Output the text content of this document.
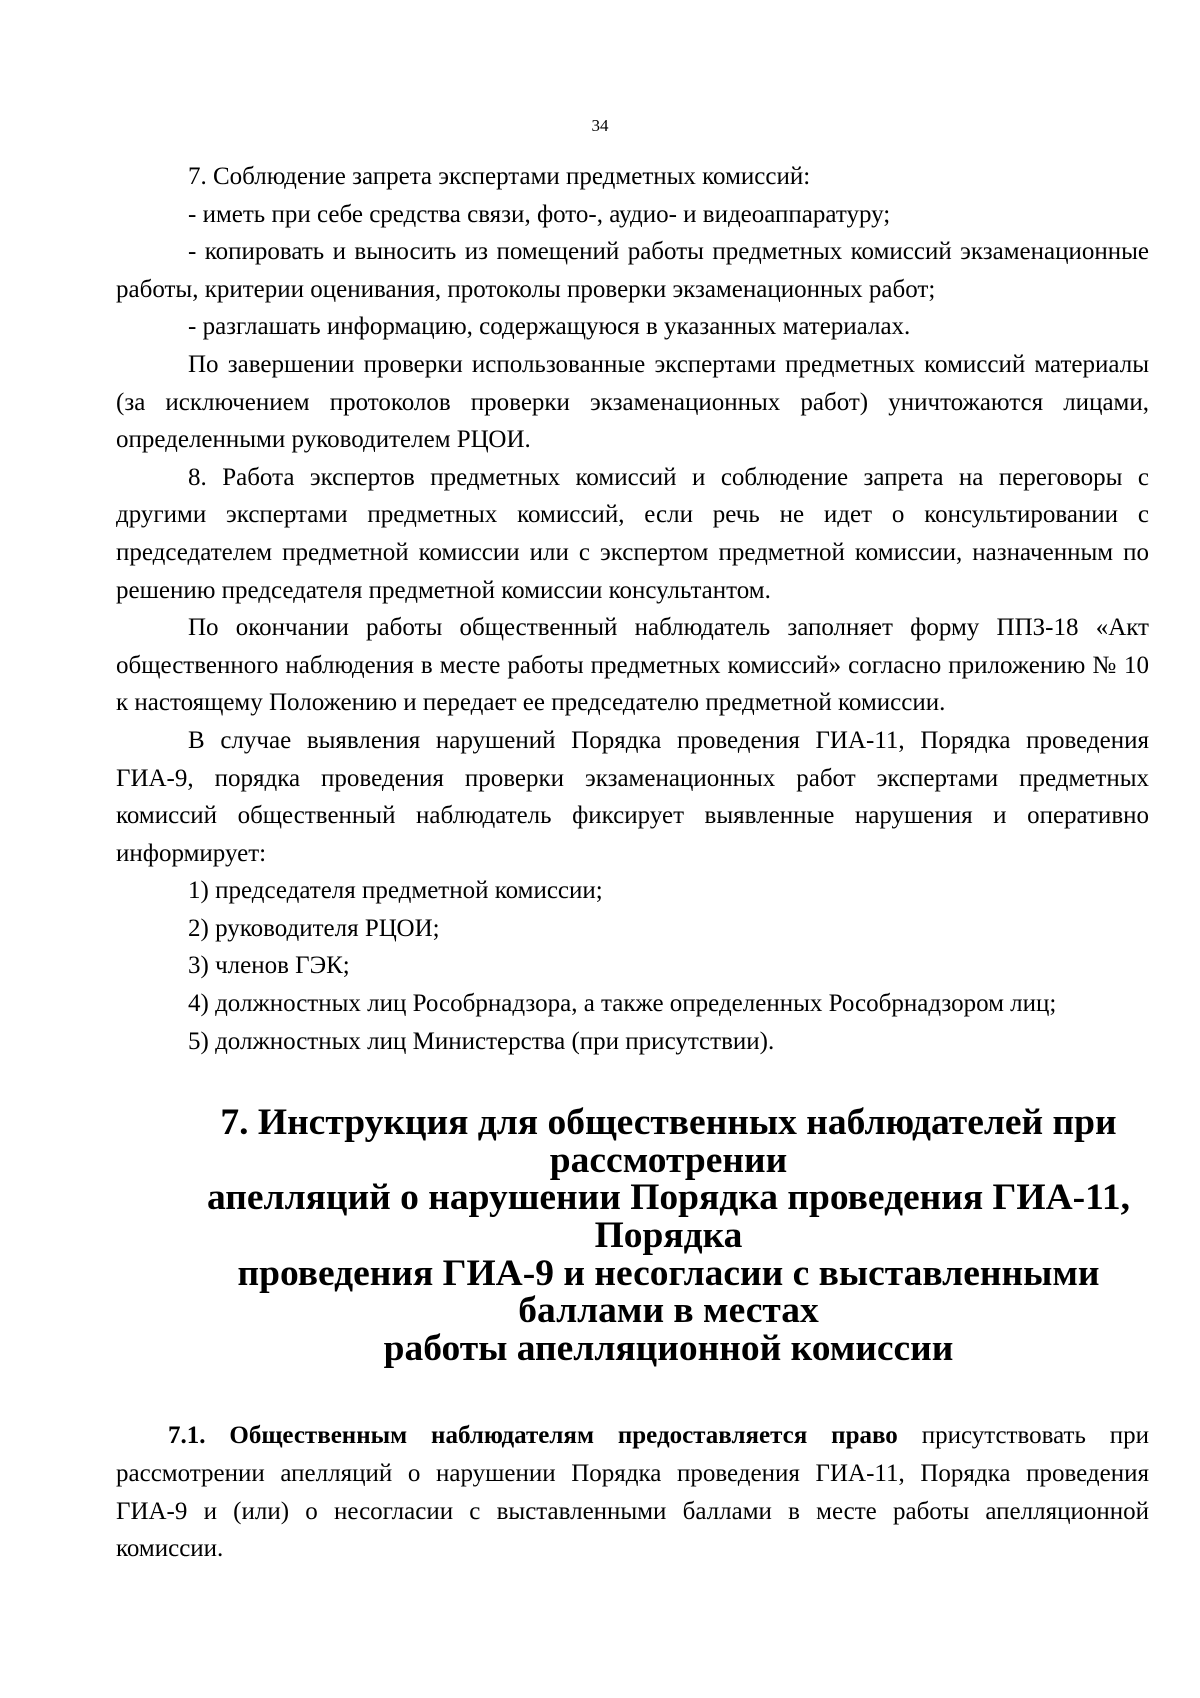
34

7. Соблюдение запрета экспертами предметных комиссий:

- иметь при себе средства связи, фото-, аудио- и видеоаппаратуру;

- копировать и выносить из помещений работы предметных комиссий экзаменационные работы, критерии оценивания, протоколы проверки экзаменационных работ;

- разглашать информацию, содержащуюся в указанных материалах.

По завершении проверки использованные экспертами предметных комиссий материалы (за исключением протоколов проверки экзаменационных работ) уничтожаются лицами, определенными руководителем РЦОИ.

8. Работа экспертов предметных комиссий и соблюдение запрета на переговоры с другими экспертами предметных комиссий, если речь не идет о консультировании с председателем предметной комиссии или с экспертом предметной комиссии, назначенным по решению председателя предметной комиссии консультантом.

По окончании работы общественный наблюдатель заполняет форму ППЗ-18 «Акт общественного наблюдения в месте работы предметных комиссий» согласно приложению № 10 к настоящему Положению и передает ее председателю предметной комиссии.

В случае выявления нарушений Порядка проведения ГИА-11, Порядка проведения ГИА-9, порядка проведения проверки экзаменационных работ экспертами предметных комиссий общественный наблюдатель фиксирует выявленные нарушения и оперативно информирует:

1) председателя предметной комиссии;

2) руководителя РЦОИ;

3) членов ГЭК;

4) должностных лиц Рособрнадзора, а также определенных Рособрнадзором лиц;

5) должностных лиц Министерства (при присутствии).

7. Инструкция для общественных наблюдателей при рассмотрении
апелляций о нарушении Порядка проведения ГИА-11, Порядка
проведения ГИА-9 и несогласии с выставленными баллами в местах
работы апелляционной комиссии

7.1. Общественным наблюдателям предоставляется право присутствовать при рассмотрении апелляций о нарушении Порядка проведения ГИА-11, Порядка проведения ГИА-9 и (или) о несогласии с выставленными баллами в месте работы апелляционной комиссии.
